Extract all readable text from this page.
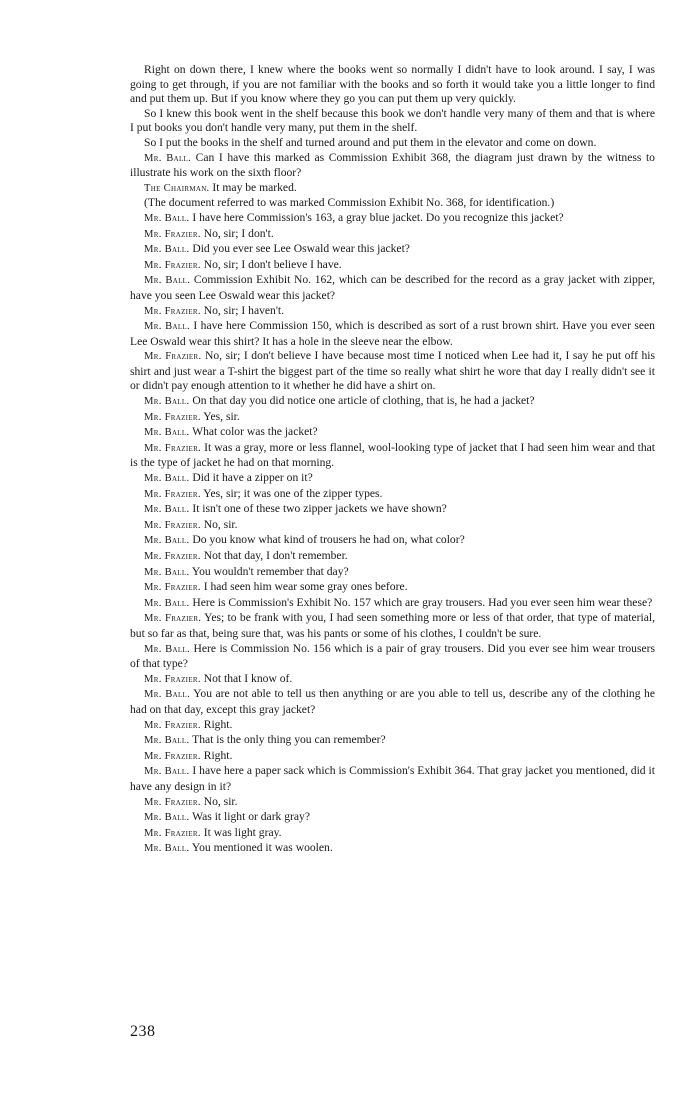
Right on down there, I knew where the books went so normally I didn't have to look around. I say, I was going to get through, if you are not familiar with the books and so forth it would take you a little longer to find and put them up. But if you know where they go you can put them up very quickly.

So I knew this book went in the shelf because this book we don't handle very many of them and that is where I put books you don't handle very many, put them in the shelf.

So I put the books in the shelf and turned around and put them in the elevator and come on down.

Mr. Ball. Can I have this marked as Commission Exhibit 368, the diagram just drawn by the witness to illustrate his work on the sixth floor?

The Chairman. It may be marked.

(The document referred to was marked Commission Exhibit No. 368, for identification.)

Mr. Ball. I have here Commission's 163, a gray blue jacket. Do you recognize this jacket?

Mr. Frazier. No, sir; I don't.

Mr. Ball. Did you ever see Lee Oswald wear this jacket?

Mr. Frazier. No, sir; I don't believe I have.

Mr. Ball. Commission Exhibit No. 162, which can be described for the record as a gray jacket with zipper, have you seen Lee Oswald wear this jacket?

Mr. Frazier. No, sir; I haven't.

Mr. Ball. I have here Commission 150, which is described as sort of a rust brown shirt. Have you ever seen Lee Oswald wear this shirt? It has a hole in the sleeve near the elbow.

Mr. Frazier. No, sir; I don't believe I have because most time I noticed when Lee had it, I say he put off his shirt and just wear a T-shirt the biggest part of the time so really what shirt he wore that day I really didn't see it or didn't pay enough attention to it whether he did have a shirt on.

Mr. Ball. On that day you did notice one article of clothing, that is, he had a jacket?

Mr. Frazier. Yes, sir.

Mr. Ball. What color was the jacket?

Mr. Frazier. It was a gray, more or less flannel, wool-looking type of jacket that I had seen him wear and that is the type of jacket he had on that morning.

Mr. Ball. Did it have a zipper on it?

Mr. Frazier. Yes, sir; it was one of the zipper types.

Mr. Ball. It isn't one of these two zipper jackets we have shown?

Mr. Frazier. No, sir.

Mr. Ball. Do you know what kind of trousers he had on, what color?

Mr. Frazier. Not that day, I don't remember.

Mr. Ball. You wouldn't remember that day?

Mr. Frazier. I had seen him wear some gray ones before.

Mr. Ball. Here is Commission's Exhibit No. 157 which are gray trousers. Had you ever seen him wear these?

Mr. Frazier. Yes; to be frank with you, I had seen something more or less of that order, that type of material, but so far as that, being sure that, was his pants or some of his clothes, I couldn't be sure.

Mr. Ball. Here is Commission No. 156 which is a pair of gray trousers. Did you ever see him wear trousers of that type?

Mr. Frazier. Not that I know of.

Mr. Ball. You are not able to tell us then anything or are you able to tell us, describe any of the clothing he had on that day, except this gray jacket?

Mr. Frazier. Right.

Mr. Ball. That is the only thing you can remember?

Mr. Frazier. Right.

Mr. Ball. I have here a paper sack which is Commission's Exhibit 364. That gray jacket you mentioned, did it have any design in it?

Mr. Frazier. No, sir.

Mr. Ball. Was it light or dark gray?

Mr. Frazier. It was light gray.

Mr. Ball. You mentioned it was woolen.

238
